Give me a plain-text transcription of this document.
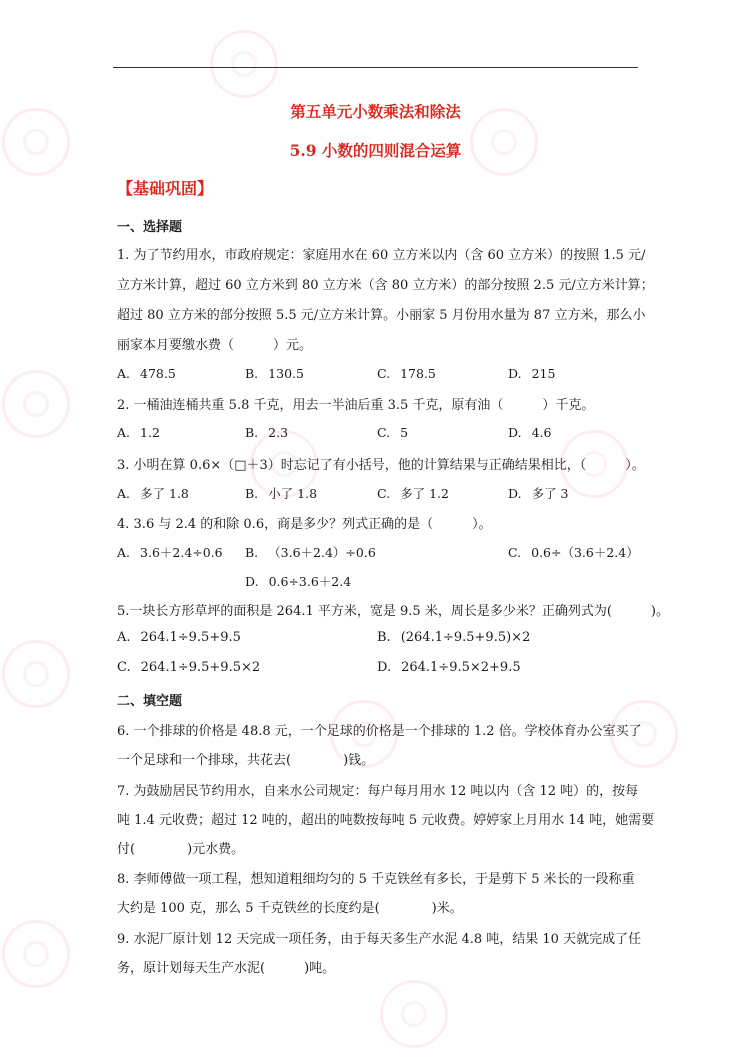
第五单元小数乘法和除法
5.9 小数的四则混合运算
【基础巩固】
一、选择题
1. 为了节约用水，市政府规定：家庭用水在 60 立方米以内（含 60 立方米）的按照 1.5 元/
立方米计算，超过 60 立方米到 80 立方米（含 80 立方米）的部分按照 2.5 元/立方米计算；
超过 80 立方米的部分按照 5.5 元/立方米计算。小丽家 5 月份用水量为 87 立方米，那么小
丽家本月要缴水费（　　　）元。
A. 478.5	B. 130.5	C. 178.5	D. 215
2. 一桶油连桶共重 5.8 千克，用去一半油后重 3.5 千克，原有油（　　　）千克。
A. 1.2	B. 2.3	C. 5	D. 4.6
3. 小明在算 0.6×（□＋3）时忘记了有小括号，他的计算结果与正确结果相比，（　　　）。
A. 多了 1.8	B. 小了 1.8	C. 多了 1.2	D. 多了 3
4. 3.6 与 2.4 的和除 0.6，商是多少？列式正确的是（　　　）。
A. 3.6＋2.4÷0.6 B. （3.6＋2.4）÷0.6	C. 0.6÷（3.6＋2.4）
D. 0.6÷3.6＋2.4
5.一块长方形草坪的面积是 264.1 平方米，宽是 9.5 米，周长是多少米？正确列式为(　　　)。
A. 264.1÷9.5+9.5	B. (264.1÷9.5+9.5)×2
C. 264.1÷9.5+9.5×2	D. 264.1÷9.5×2+9.5
二、填空题
6. 一个排球的价格是 48.8 元，一个足球的价格是一个排球的 1.2 倍。学校体育办公室买了
一个足球和一个排球，共花去(　　　　)钱。
7. 为鼓励居民节约用水，自来水公司规定：每户每月用水 12 吨以内（含 12 吨）的，按每
吨 1.4 元收费；超过 12 吨的，超出的吨数按每吨 5 元收费。婷婷家上月用水 14 吨，她需要
付(　　　　)元水费。
8. 李师傅做一项工程，想知道粗细均匀的 5 千克铁丝有多长，于是剪下 5 米长的一段称重
大约是 100 克，那么 5 千克铁丝的长度约是(　　　　)米。
9. 水泥厂原计划 12 天完成一项任务，由于每天多生产水泥 4.8 吨，结果 10 天就完成了任
务，原计划每天生产水泥(　　　)吨。
